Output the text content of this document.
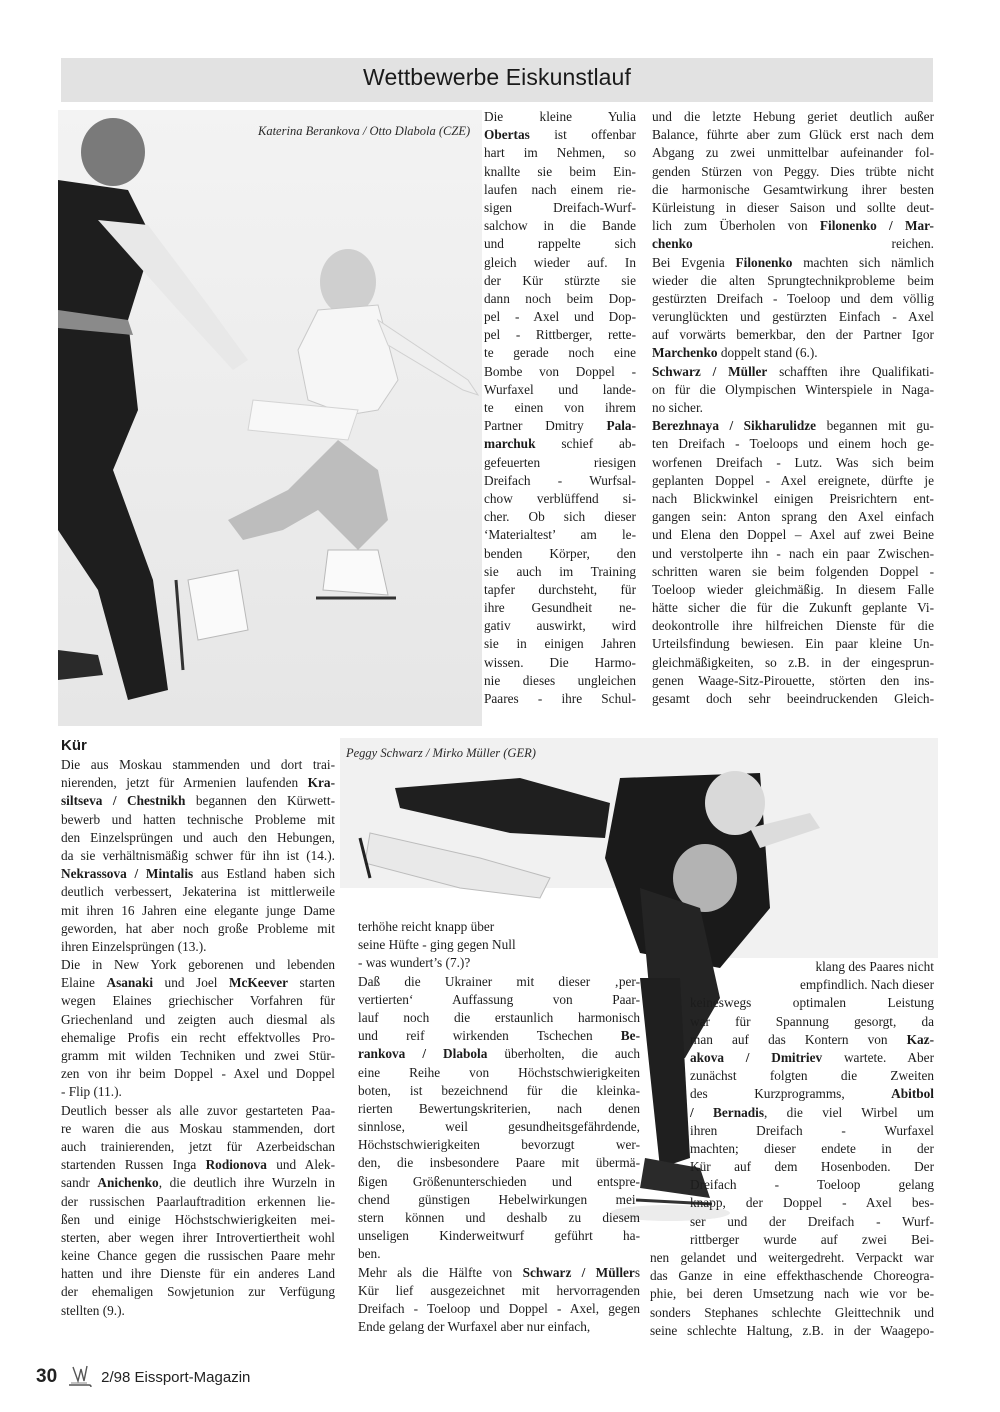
Wettbewerbe Eiskunstlauf
Katerina Berankova / Otto Dlabola (CZE)
Die kleine Yulia
Obertas ist offenbar
hart im Nehmen, so
knallte sie beim Ein-
laufen nach einem rie-
sigen Dreifach-Wurf-
salchow in die Bande
und rappelte sich
gleich wieder auf. In
der Kür stürzte sie
dann noch beim Dop-
pel - Axel und Dop-
pel - Rittberger, rette-
te gerade noch eine
Bombe von Doppel -
Wurfaxel und lande-
te einen von ihrem
Partner Dmitry Pala-
marchuk schief ab-
gefeuerten riesigen
Dreifach - Wurfsal-
chow verblüffend si-
cher. Ob sich dieser
‘Materialtest’ am le-
benden Körper, den
sie auch im Training
tapfer durchsteht, für
ihre Gesundheit ne-
gativ auswirkt, wird
sie in einigen Jahren
wissen. Die Harmo-
nie dieses ungleichen
Paares - ihre Schul-
und die letzte Hebung geriet deutlich außer
Balance, führte aber zum Glück erst nach dem
Abgang zu zwei unmittelbar aufeinander fol-
genden Stürzen von Peggy. Dies trübte nicht
die harmonische Gesamtwirkung ihrer besten
Kürleistung in dieser Saison und sollte deut-
lich zum Überholen von Filonenko / Mar-
chenko reichen.
Bei Evgenia Filonenko machten sich nämlich
wieder die alten Sprungtechnikprobleme beim
gestürzten Dreifach - Toeloop und dem völlig
verunglückten und gestürzten Einfach - Axel
auf vorwärts bemerkbar, den der Partner Igor
Marchenko doppelt stand (6.).
Schwarz / Müller schafften ihre Qualifikati-
on für die Olympischen Winterspiele in Naga-
no sicher.
Berezhnaya / Sikharulidze begannen mit gu-
ten Dreifach - Toeloops und einem hoch ge-
worfenen Dreifach - Lutz. Was sich beim
geplanten Doppel - Axel ereignete, dürfte je
nach Blickwinkel einigen Preisrichtern ent-
gangen sein: Anton sprang den Axel einfach
und Elena den Doppel – Axel auf zwei Beine
und verstolperte ihn - nach ein paar Zwischen-
schritten waren sie beim folgenden Doppel -
Toeloop wieder gleichmäßig. In diesem Falle
hätte sicher die für die Zukunft geplante Vi-
deokontrolle ihre hilfreichen Dienste für die
Urteilsfindung bewiesen. Ein paar kleine Un-
gleichmäßigkeiten, so z.B. in der eingesprun-
genen Waage-Sitz-Pirouette, störten den ins-
gesamt doch sehr beeindruckenden Gleich-
Kür
Die aus Moskau stammenden und dort trai-
nierenden, jetzt für Armenien laufenden Kra-
siltseva / Chestnikh begannen den Kürwett-
bewerb und hatten technische Probleme mit
den Einzelsprüngen und auch den Hebungen,
da sie verhältnismäßig schwer für ihn ist (14.).
Nekrassova / Mintalis aus Estland haben sich
deutlich verbessert, Jekaterina ist mittlerweile
mit ihren 16 Jahren eine elegante junge Dame
geworden, hat aber noch große Probleme mit
ihren Einzelsprüngen (13.).
Die in New York geborenen und lebenden
Elaine Asanaki und Joel McKeever starten
wegen Elaines griechischer Vorfahren für
Griechenland und zeigten auch diesmal als
ehemalige Profis ein recht effektvolles Pro-
gramm mit wilden Techniken und zwei Stür-
zen von ihr beim Doppel - Axel und Doppel
- Flip (11.).
Deutlich besser als alle zuvor gestarteten Paa-
re waren die aus Moskau stammenden, dort
auch trainierenden, jetzt für Azerbeidschan
startenden Russen Inga Rodionova und Alek-
sandr Anichenko, die deutlich ihre Wurzeln in
der russischen Paarlauftradition erkennen lie-
ßen und einige Höchstschwierigkeiten mei-
sterten, aber wegen ihrer Introvertiertheit wohl
keine Chance gegen die russischen Paare mehr
hatten und ihre Dienste für ein anderes Land
der ehemaligen Sowjetunion zur Verfügung
stellten (9.).
Peggy Schwarz / Mirko Müller (GER)
terhöhe reicht knapp über
seine Hüfte - ging gegen Null
- was wundert’s (7.)?
Daß die Ukrainer mit dieser ‚per-
vertierten‘ Auffassung von Paar-
lauf noch die erstaunlich harmonisch
und reif wirkenden Tschechen Be-
rankova / Dlabola überholten, die auch
eine Reihe von Höchstschwierigkeiten
boten, ist bezeichnend für die kleinka-
rierten Bewertungskriterien, nach denen
sinnlose, weil gesundheitsgefährdende,
Höchstschwierigkeiten bevorzugt wer-
den, die insbesondere Paare mit übermä-
ßigen Größenunterschieden und entspre-
chend günstigen Hebelwirkungen mei-
stern können und deshalb zu diesem
unseligen Kinderweitwurf geführt ha-
ben.
Mehr als die Hälfte von Schwarz / Müllers
Kür lief ausgezeichnet mit hervorragenden
Dreifach - Toeloop und Doppel - Axel, gegen
Ende gelang der Wurfaxel aber nur einfach,
klang des Paares nicht
empfindlich. Nach dieser
keineswegs optimalen Leistung
war für Spannung gesorgt, da
man auf das Kontern von Kaz-
akova / Dmitriev wartete. Aber
zunächst folgten die Zweiten
des Kurzprogramms, Abitbol
/ Bernadis, die viel Wirbel um
ihren Dreifach - Wurfaxel
machten; dieser endete in der
Kür auf dem Hosenboden. Der
Dreifach - Toeloop gelang
knapp, der Doppel - Axel bes-
ser und der Dreifach - Wurf-
rittberger wurde auf zwei Bei-
nen gelandet und weitergedreht. Verpackt war
das Ganze in eine effekthaschende Choreogra-
phie, bei deren Umsetzung nach wie vor be-
sonders Stephanes schlechte Gleittechnik und
seine schlechte Haltung, z.B. in der Waagepo-
30	2/98 Eissport-Magazin
